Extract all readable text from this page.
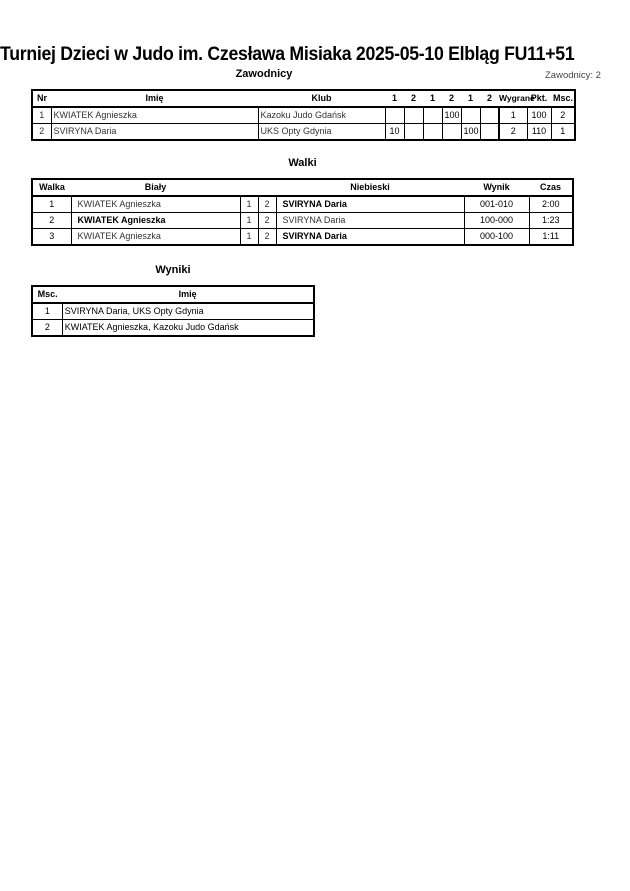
Turniej Dzieci w Judo im. Czesława Misiaka 2025-05-10 Elbląg FU11+51
Zawodnicy	Zawodnicy: 2
Nr	Imię	Klub	1	2	1	2	1	2	Wygrane	Pkt.	Msc.
1	KWIATEK Agnieszka	Kazoku Judo Gdańsk				100			1	100	2
2	SVIRYNA Daria	UKS Opty Gdynia	10				100		2	110	1
Walki
Walka	Biały			Niebieski	Wynik	Czas
1	KWIATEK Agnieszka	1	2	SVIRYNA Daria	001-010	2:00
2	KWIATEK Agnieszka	1	2	SVIRYNA Daria	100-000	1:23
3	KWIATEK Agnieszka	1	2	SVIRYNA Daria	000-100	1:11
Wyniki
Msc.	Imię
1	SVIRYNA Daria, UKS Opty Gdynia
2	KWIATEK Agnieszka, Kazoku Judo Gdańsk
